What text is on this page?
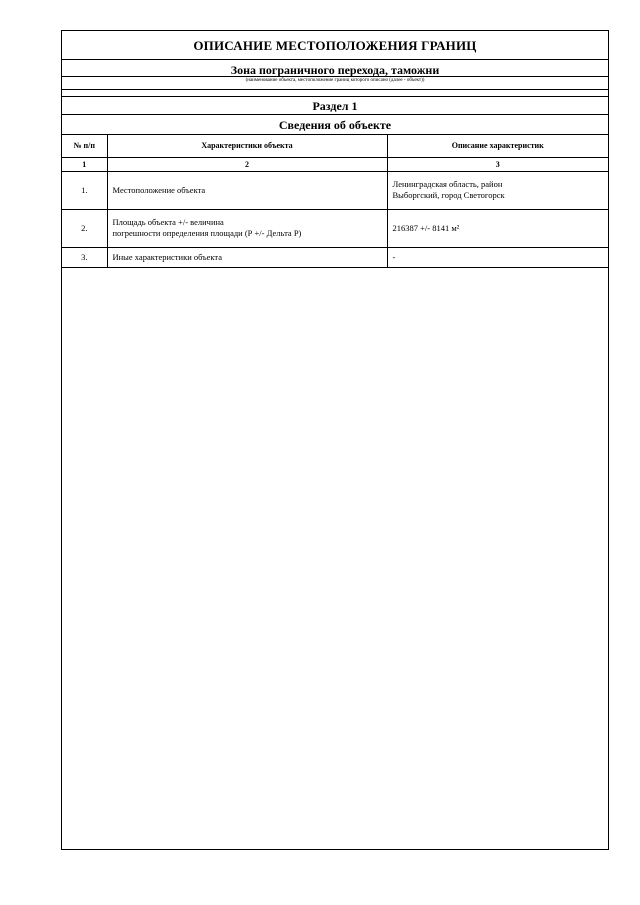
ОПИСАНИЕ МЕСТОПОЛОЖЕНИЯ ГРАНИЦ
Зона пограничного перехода, таможни
(наименование объекта, местоположение границ которого описано (далее - объект))
Раздел 1
Сведения об объекте
№ п/п	Характеристики объекта	Описание характеристик
1	2	3
1.	Местоположение объекта	Ленинградская область, район
Выборгский, город Светогорск

2.	Площадь объекта +/- величина
погрешности определения площади (Р +/- Дельта Р)	216387 +/- 8141 м²

3.	Иные характеристики объекта	-
